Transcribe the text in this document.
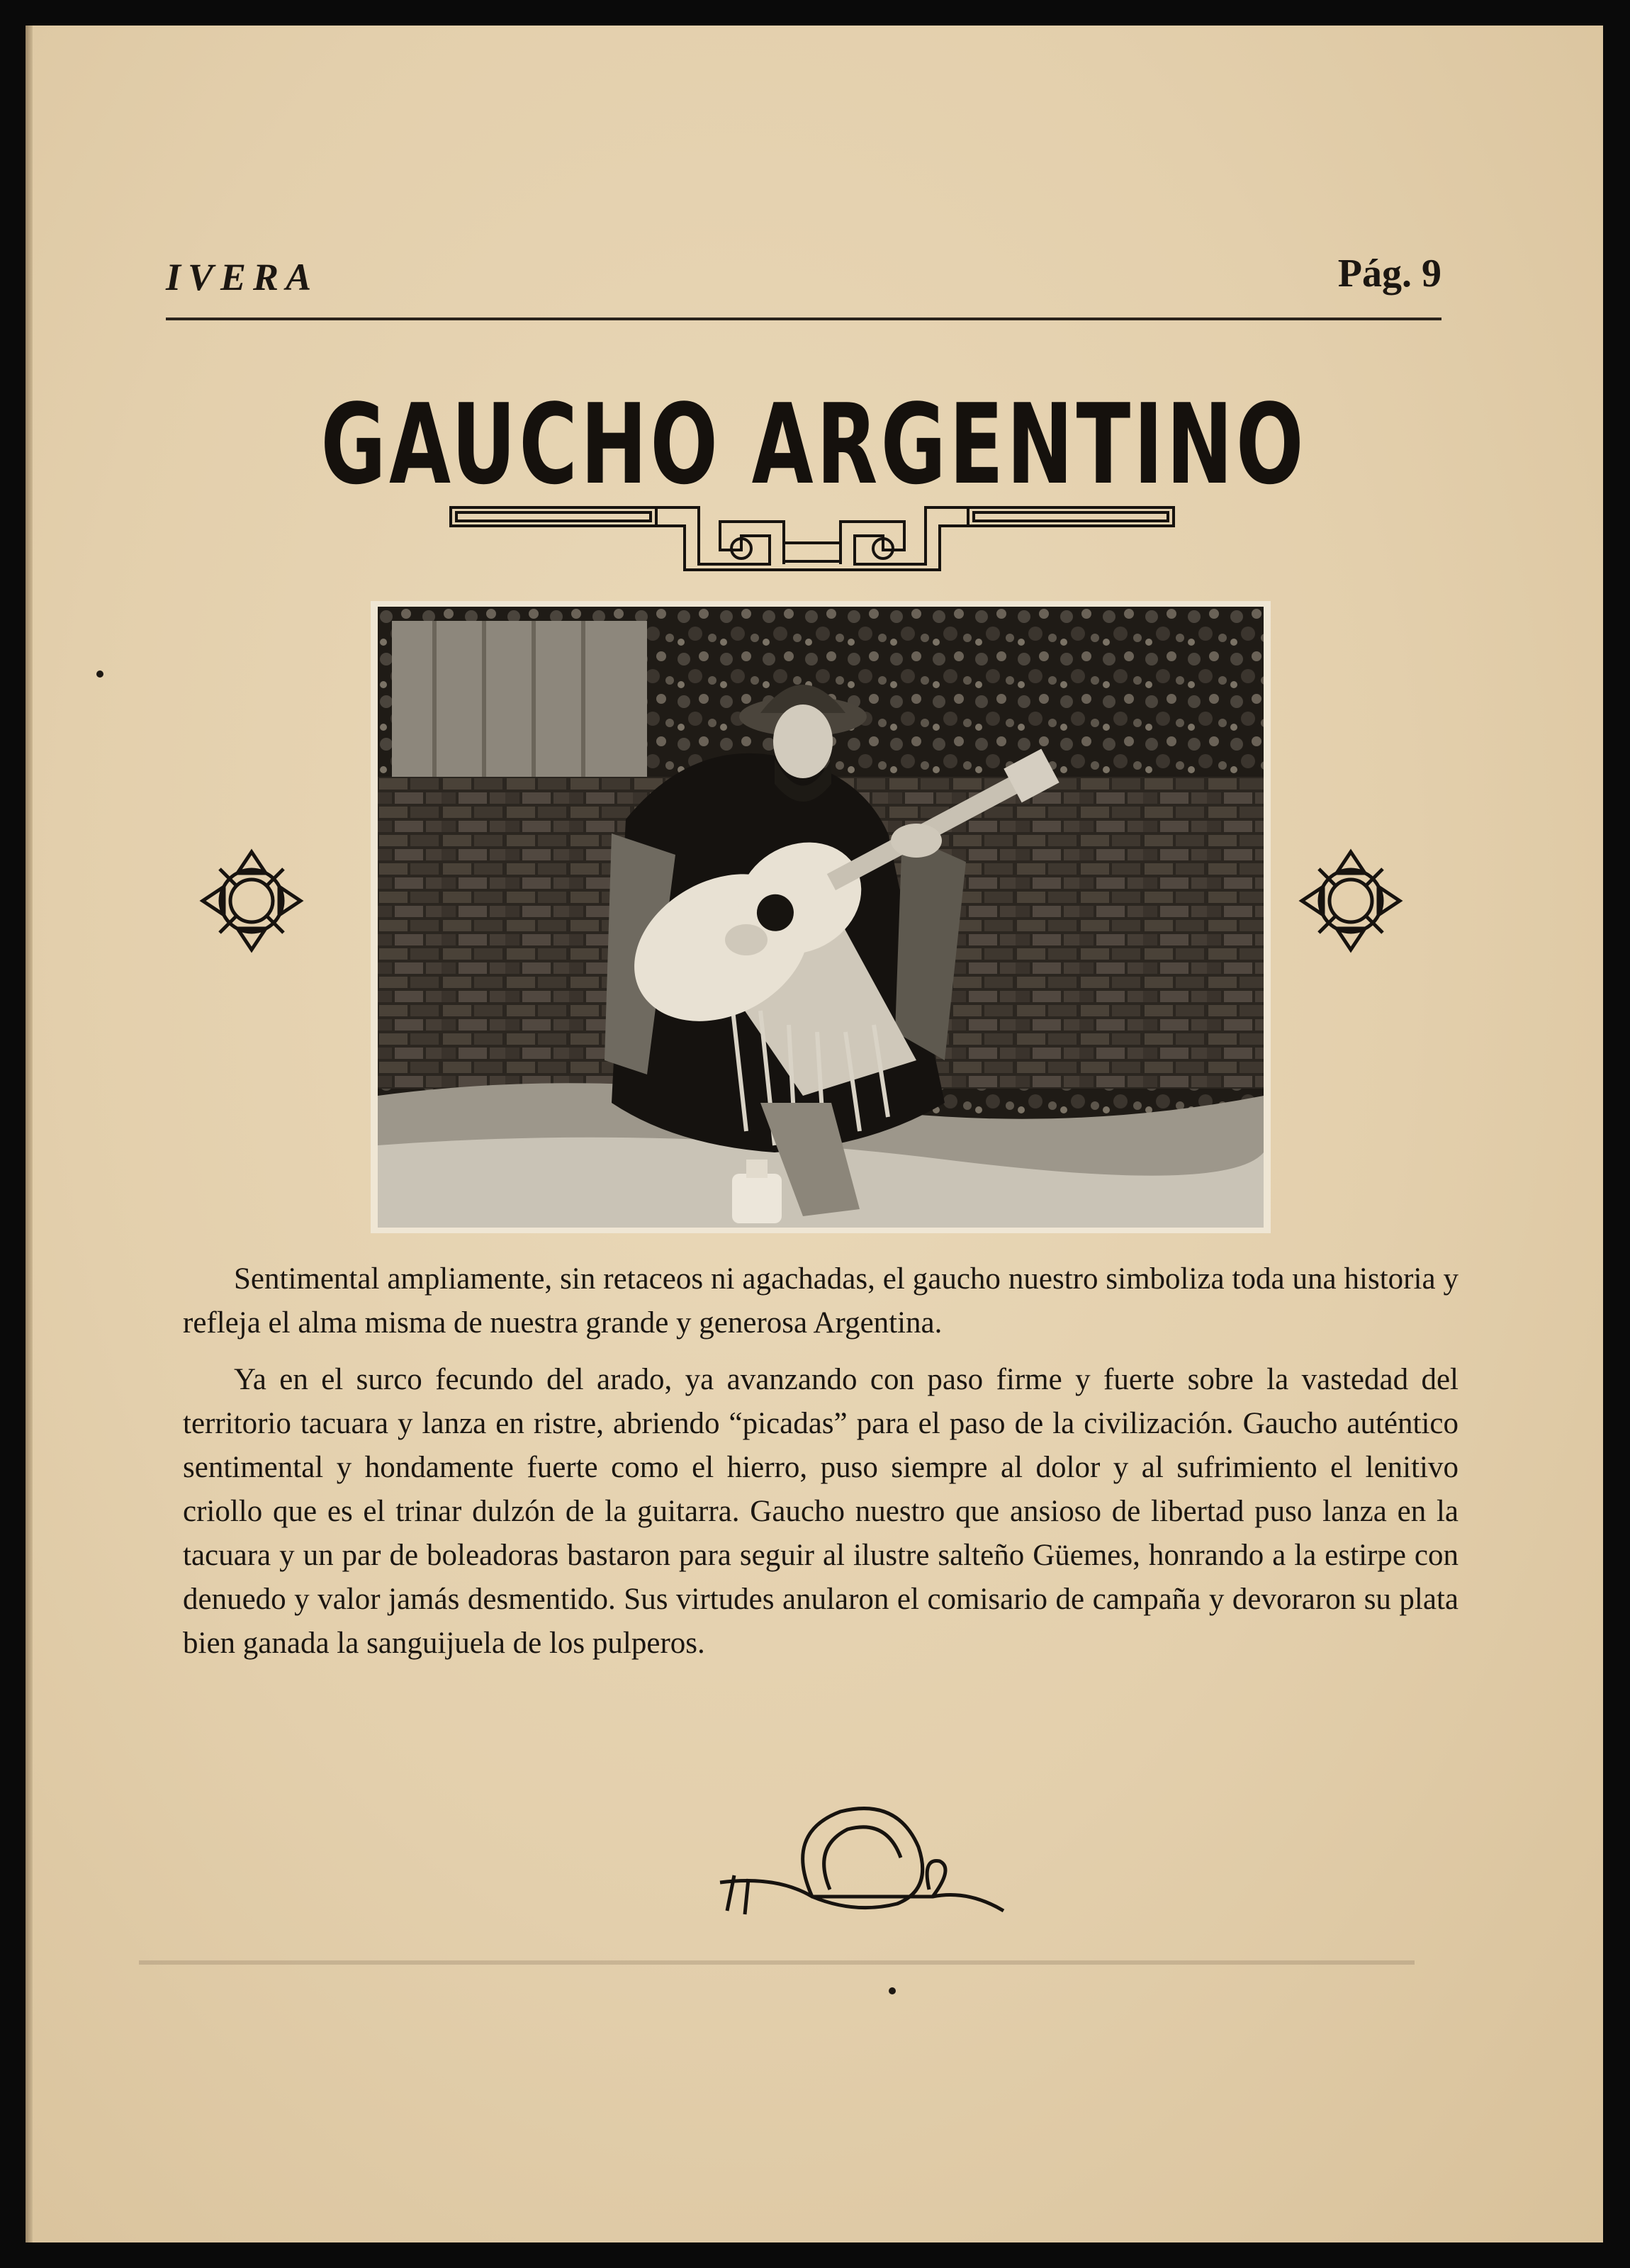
IVERA	Pág. 9
GAUCHO ARGENTINO

Sentimental ampliamente, sin retaceos ni agachadas, el gaucho nuestro simboliza toda una historia y refleja el alma misma de nuestra grande y generosa Argentina.

Ya en el surco fecundo del arado, ya avanzando con paso firme y fuerte sobre la vastedad del territorio tacuara y lanza en ristre, abriendo “picadas” para el paso de la civilización. Gaucho auténtico sentimental y hondamente fuerte como el hierro, puso siempre al dolor y al sufrimiento el lenitivo criollo que es el trinar dulzón de la guitarra. Gaucho nuestro que ansioso de libertad puso lanza en la tacuara y un par de boleadoras bastaron para seguir al ilustre salteño Güemes, honrando a la estirpe con denuedo y valor jamás desmentido. Sus virtudes anularon el comisario de campaña y devoraron su plata bien ganada la sanguijuela de los pulperos.
